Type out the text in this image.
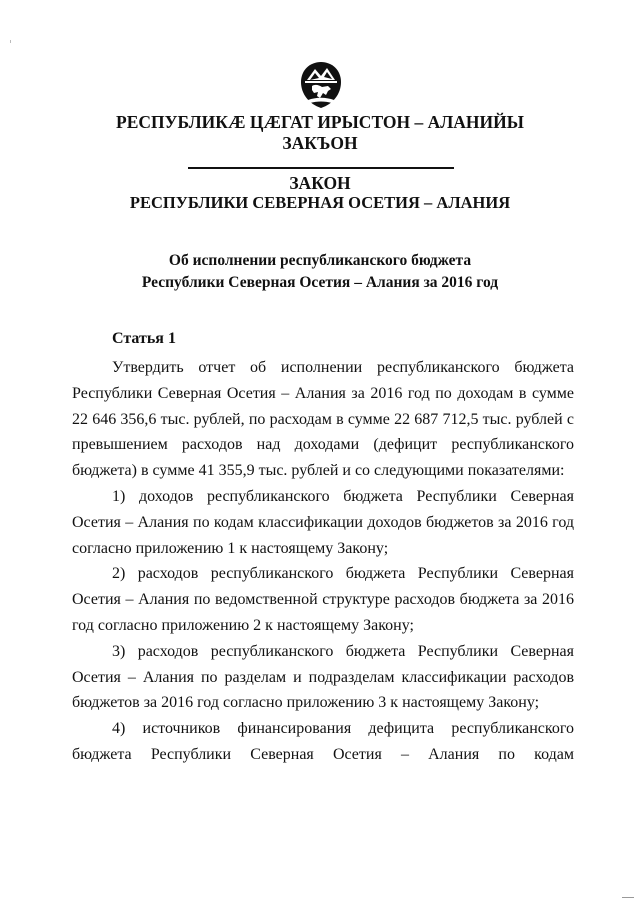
РЕСПУБЛИКӔ ЦӔГАТ ИРЫСТОН – АЛАНИЙЫ
ЗАКЪОН
ЗАКОН
РЕСПУБЛИКИ СЕВЕРНАЯ ОСЕТИЯ – АЛАНИЯ
Об исполнении республиканского бюджета
Республики Северная Осетия – Алания за 2016 год
Статья 1

Утвердить отчет об исполнении республиканского бюджета Республики Северная Осетия – Алания за 2016 год по доходам в сумме 22 646 356,6 тыс. рублей, по расходам в сумме 22 687 712,5 тыс. рублей с превышением расходов над доходами (дефицит республиканского бюджета) в сумме 41 355,9 тыс. рублей и со следующими показателями:

1) доходов республиканского бюджета Республики Северная Осетия – Алания по кодам классификации доходов бюджетов за 2016 год согласно приложению 1 к настоящему Закону;

2) расходов республиканского бюджета Республики Северная Осетия – Алания по ведомственной структуре расходов бюджета за 2016 год согласно приложению 2 к настоящему Закону;

3) расходов республиканского бюджета Республики Северная Осетия – Алания по разделам и подразделам классификации расходов бюджетов за 2016 год согласно приложению 3 к настоящему Закону;

4) источников финансирования дефицита республиканского бюджета Республики Северная Осетия – Алания по кодам
